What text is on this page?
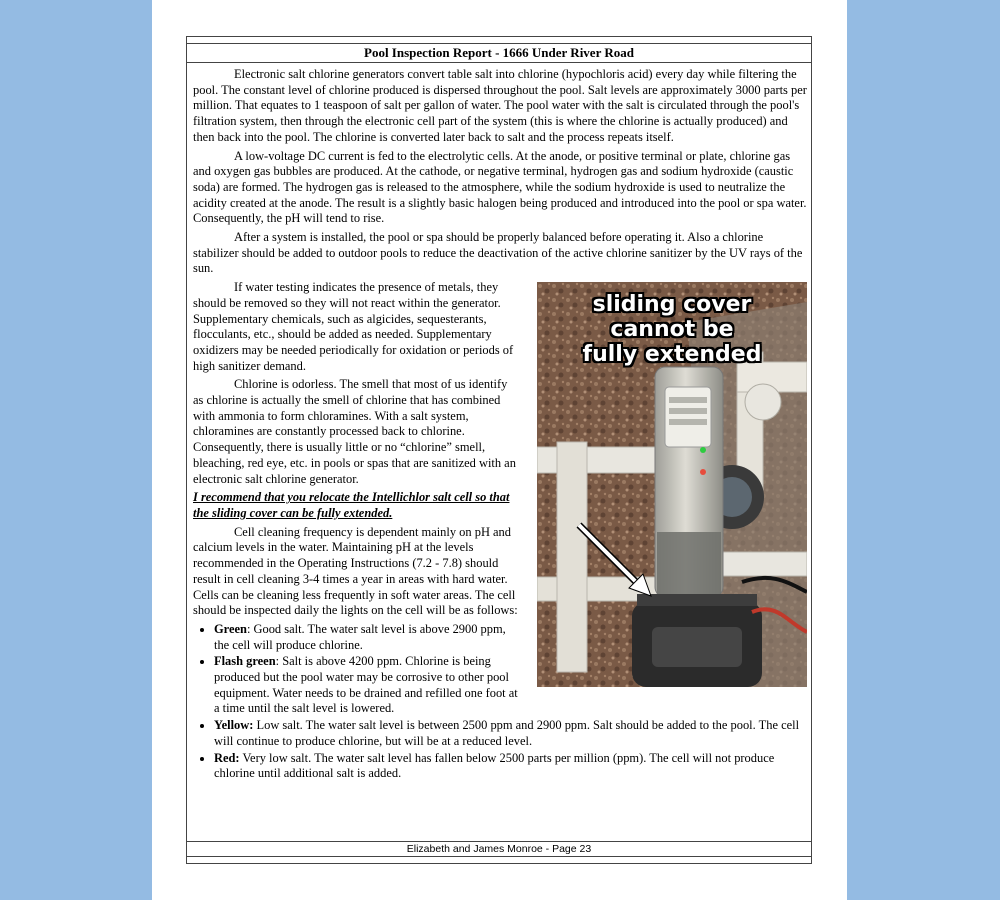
Pool Inspection Report - 1666 Under River Road

Electronic salt chlorine generators convert table salt into chlorine (hypochloris acid) every day while filtering the pool. The constant level of chlorine produced is dispersed throughout the pool. Salt levels are approximately 3000 parts per million. That equates to 1 teaspoon of salt per gallon of water. The pool water with the salt is circulated through the pool's filtration system, then through the electronic cell part of the system (this is where the chlorine is actually produced) and then back into the pool. The chlorine is converted later back to salt and the process repeats itself.

A low-voltage DC current is fed to the electrolytic cells. At the anode, or positive terminal or plate, chlorine gas and oxygen gas bubbles are produced. At the cathode, or negative terminal, hydrogen gas and sodium hydroxide (caustic soda) are formed. The hydrogen gas is released to the atmosphere, while the sodium hydroxide is used to neutralize the acidity created at the anode. The result is a slightly basic halogen being produced and introduced into the pool or spa water. Consequently, the pH will tend to rise.

After a system is installed, the pool or spa should be properly balanced before operating it. Also a chlorine stabilizer should be added to outdoor pools to reduce the deactivation of the active chlorine sanitizer by the UV rays of the sun.

sliding cover
cannot be
fully extended

If water testing indicates the presence of metals, they should be removed so they will not react within the generator. Supplementary chemicals, such as algicides, sequesterants, flocculants, etc., should be added as needed. Supplementary oxidizers may be needed periodically for oxidation or periods of high sanitizer demand.

Chlorine is odorless. The smell that most of us identify as chlorine is actually the smell of chlorine that has combined with ammonia to form chloramines. With a salt system, chloramines are constantly processed back to chlorine. Consequently, there is usually little or no “chlorine” smell, bleaching, red eye, etc. in pools or spas that are sanitized with an electronic salt chlorine generator.

I recommend that you relocate the Intellichlor salt cell so that the sliding cover can be fully extended.

Cell cleaning frequency is dependent mainly on pH and calcium levels in the water. Maintaining pH at the levels recommended in the Operating Instructions (7.2 - 7.8) should result in cell cleaning 3-4 times a year in areas with hard water. Cells can be cleaning less frequently in soft water areas. The cell should be inspected daily the lights on the cell will be as follows:

• Green: Good salt. The water salt level is above 2900 ppm, the cell will produce chlorine.
• Flash green: Salt is above 4200 ppm. Chlorine is being produced but the pool water may be corrosive to other pool equipment. Water needs to be drained and refilled one foot at a time until the salt level is lowered.
• Yellow: Low salt. The water salt level is between 2500 ppm and 2900 ppm. Salt should be added to the pool. The cell will continue to produce chlorine, but will be at a reduced level.
• Red: Very low salt. The water salt level has fallen below 2500 parts per million (ppm). The cell will not produce chlorine until additional salt is added.
Elizabeth and James Monroe - Page 23
